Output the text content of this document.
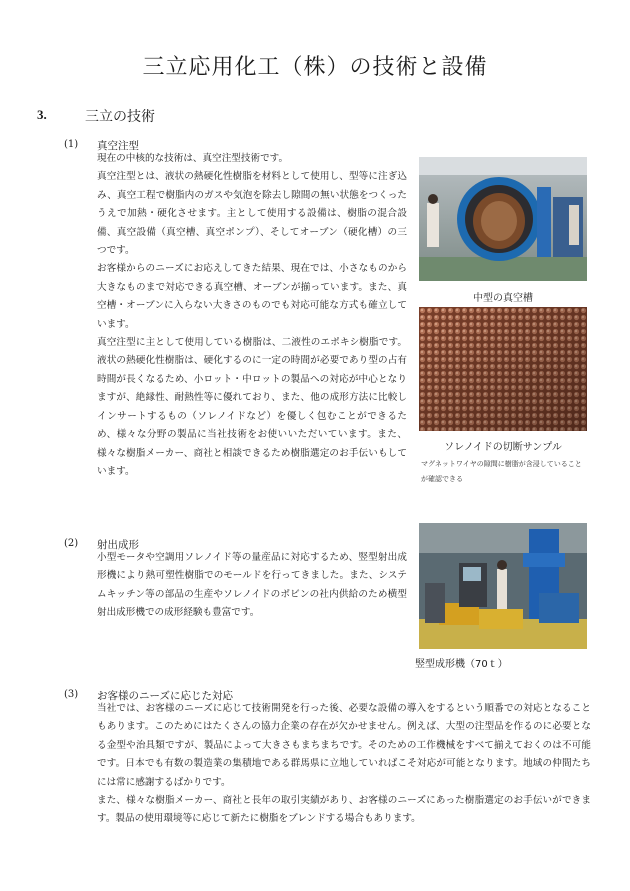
三立応用化工（株）の技術と設備
3.	三立の技術
(1) 真空注型

現在の中核的な技術は、真空注型技術です。

真空注型とは、液状の熱硬化性樹脂を材料として使用し、型等に注ぎ込み、真空工程で樹脂内のガスや気泡を除去し隙間の無い状態をつくったうえで加熱・硬化させます。主として使用する設備は、樹脂の混合設備、真空設備（真空槽、真空ポンプ）、そしてオーブン（硬化槽）の三つです。

お客様からのニーズにお応えしてきた結果、現在では、小さなものから大きなものまで対応できる真空槽、オーブンが揃っています。また、真空槽・オーブンに入らない大きさのものでも対応可能な方式も確立しています。

真空注型に主として使用している樹脂は、二液性のエポキシ樹脂です。液状の熱硬化性樹脂は、硬化するのに一定の時間が必要であり型の占有時間が長くなるため、小ロット・中ロットの製品への対応が中心となりますが、絶縁性、耐熱性等に優れており、また、他の成形方法に比較しインサートするもの（ソレノイドなど）を優しく包むことができるため、様々な分野の製品に当社技術をお使いいただいています。また、様々な樹脂メーカー、商社と相談できるため樹脂選定のお手伝いもしています。

中型の真空槽
ソレノイドの切断サンプル
マグネットワイヤの隙間に樹脂が含浸していることが確認できる
(2) 射出成形

小型モータや空調用ソレノイド等の量産品に対応するため、竪型射出成形機により熱可塑性樹脂でのモールドを行ってきました。また、システムキッチン等の部品の生産やソレノイドのボビンの社内供給のため横型射出成形機での成形経験も豊富です。

竪型成形機（70ｔ）
(3) お客様のニーズに応じた対応

当社では、お客様のニーズに応じて技術開発を行った後、必要な設備の導入をするという順番での対応となることもあります。このためにはたくさんの協力企業の存在が欠かせません。例えば、大型の注型品を作るのに必要となる金型や治具類ですが、製品によって大きさもまちまちです。そのための工作機械をすべて揃えておくのは不可能です。日本でも有数の製造業の集積地である群馬県に立地していればこそ対応が可能となります。地域の仲間たちには常に感謝するばかりです。

また、様々な樹脂メーカー、商社と長年の取引実績があり、お客様のニーズにあった樹脂選定のお手伝いができます。製品の使用環境等に応じて新たに樹脂をブレンドする場合もあります。
